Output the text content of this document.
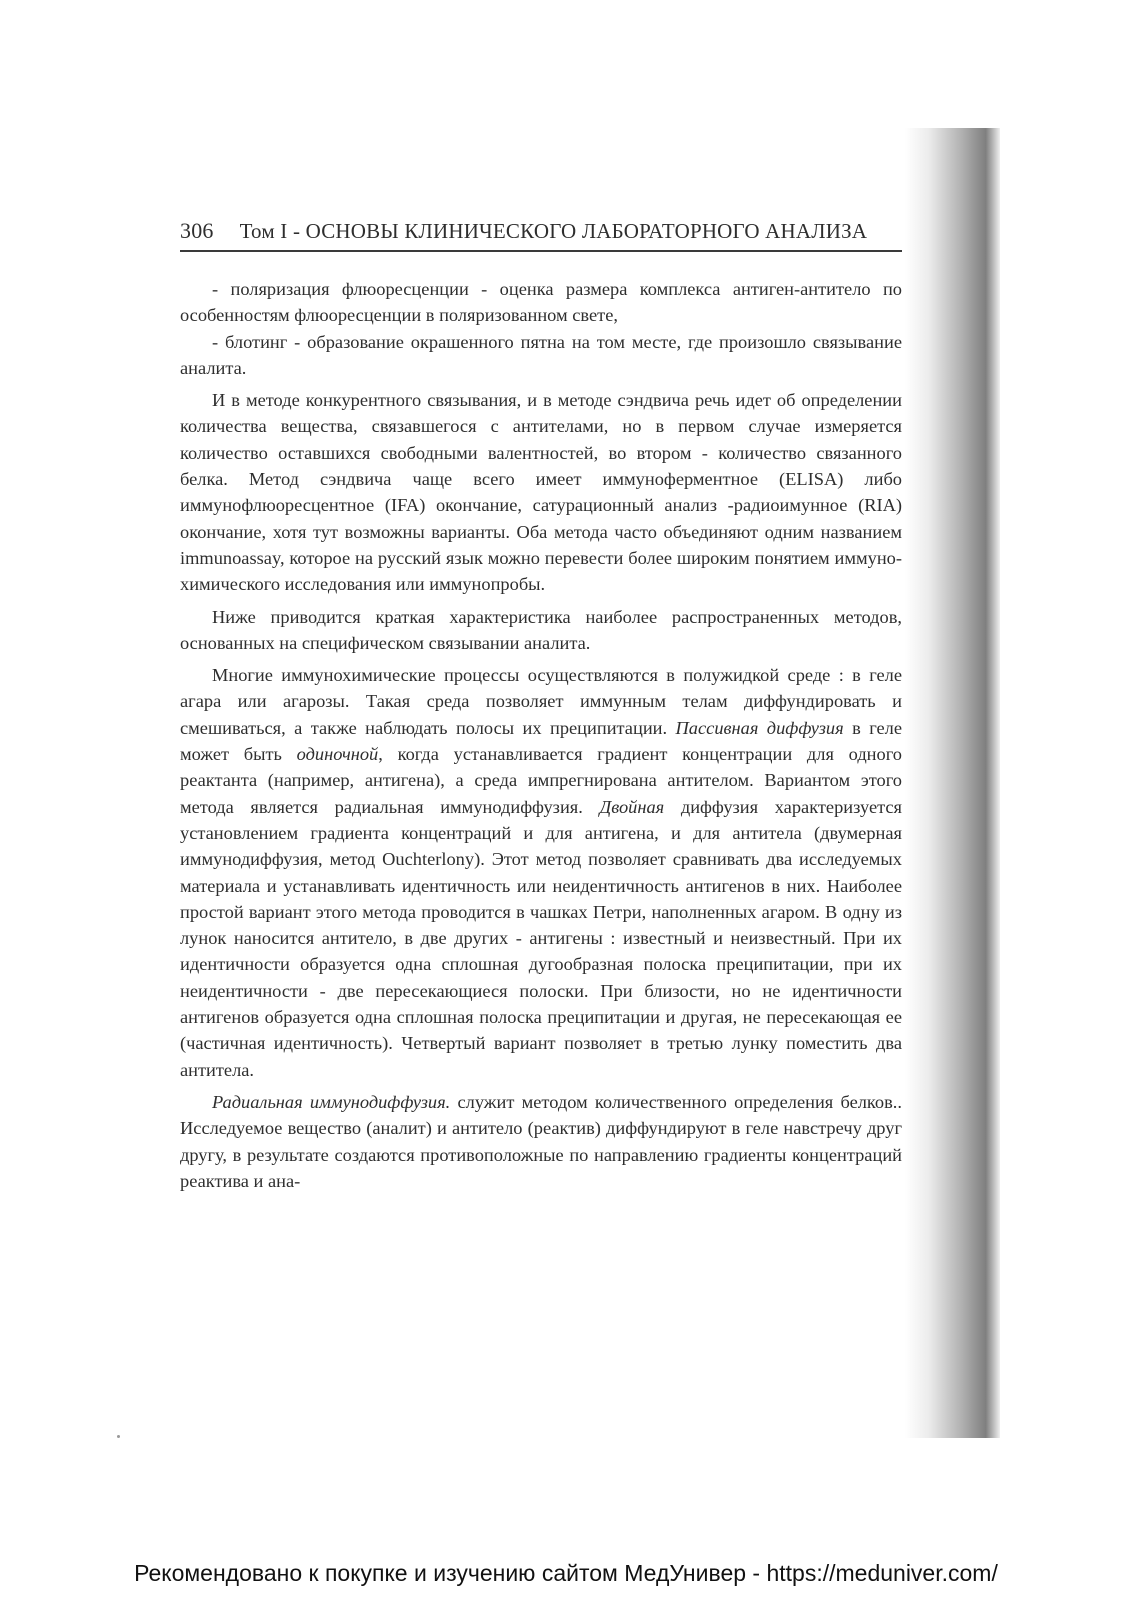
306 Том I - ОСНОВЫ КЛИНИЧЕСКОГО ЛАБОРАТОРНОГО АНАЛИЗА

- поляризация флюоресценции - оценка размера комплекса антиген-антитело по особенностям флюоресценции в поляризованном свете,

- блотинг - образование окрашенного пятна на том месте, где произошло связывание аналита.

И в методе конкурентного связывания, и в методе сэндвича речь идет об определении количества вещества, связавшегося с антителами, но в первом случае измеряется количество оставшихся свободными валентностей, во втором - количество связанного белка. Метод сэндвича чаще всего имеет иммуноферментное (ELISA) либо иммунофлюоресцентное (IFA) окончание, сатурационный анализ -радиоимунное (RIA) окончание, хотя тут возможны варианты. Оба метода часто объединяют одним названием immunoassay, которое на русский язык можно перевести более широким понятием иммуно-химического исследования или иммунопробы.

Ниже приводится краткая характеристика наиболее распространенных методов, основанных на специфическом связывании аналита.

Многие иммунохимические процессы осуществляются в полужидкой среде : в геле агара или агарозы. Такая среда позволяет иммунным телам диффундировать и смешиваться, а также наблюдать полосы их преципитации. Пассивная диффузия в геле может быть одиночной, когда устанавливается градиент концентрации для одного реактанта (например, антигена), а среда импрегнирована антителом. Вариантом этого метода является радиальная иммунодиффузия. Двойная диффузия характеризуется установлением градиента концентраций и для антигена, и для антитела (двумерная иммунодиффузия, метод Ouchterlony). Этот метод позволяет сравнивать два исследуемых материала и устанавливать идентичность или неидентичность антигенов в них. Наиболее простой вариант этого метода проводится в чашках Петри, наполненных агаром. В одну из лунок наносится антитело, в две других - антигены : известный и неизвестный. При их идентичности образуется одна сплошная дугообразная полоска преципитации, при их неидентичности - две пересекающиеся полоски. При близости, но не идентичности антигенов образуется одна сплошная полоска преципитации и другая, не пересекающая ее (частичная идентичность). Четвертый вариант позволяет в третью лунку поместить два антитела.

Радиальная иммунодиффузия. служит методом количественного определения белков.. Исследуемое вещество (аналит) и антитело (реактив) диффундируют в геле навстречу друг другу, в результате создаются противоположные по направлению градиенты концентраций реактива и ана-

Рекомендовано к покупке и изучению сайтом МедУнивер - https://meduniver.com/
